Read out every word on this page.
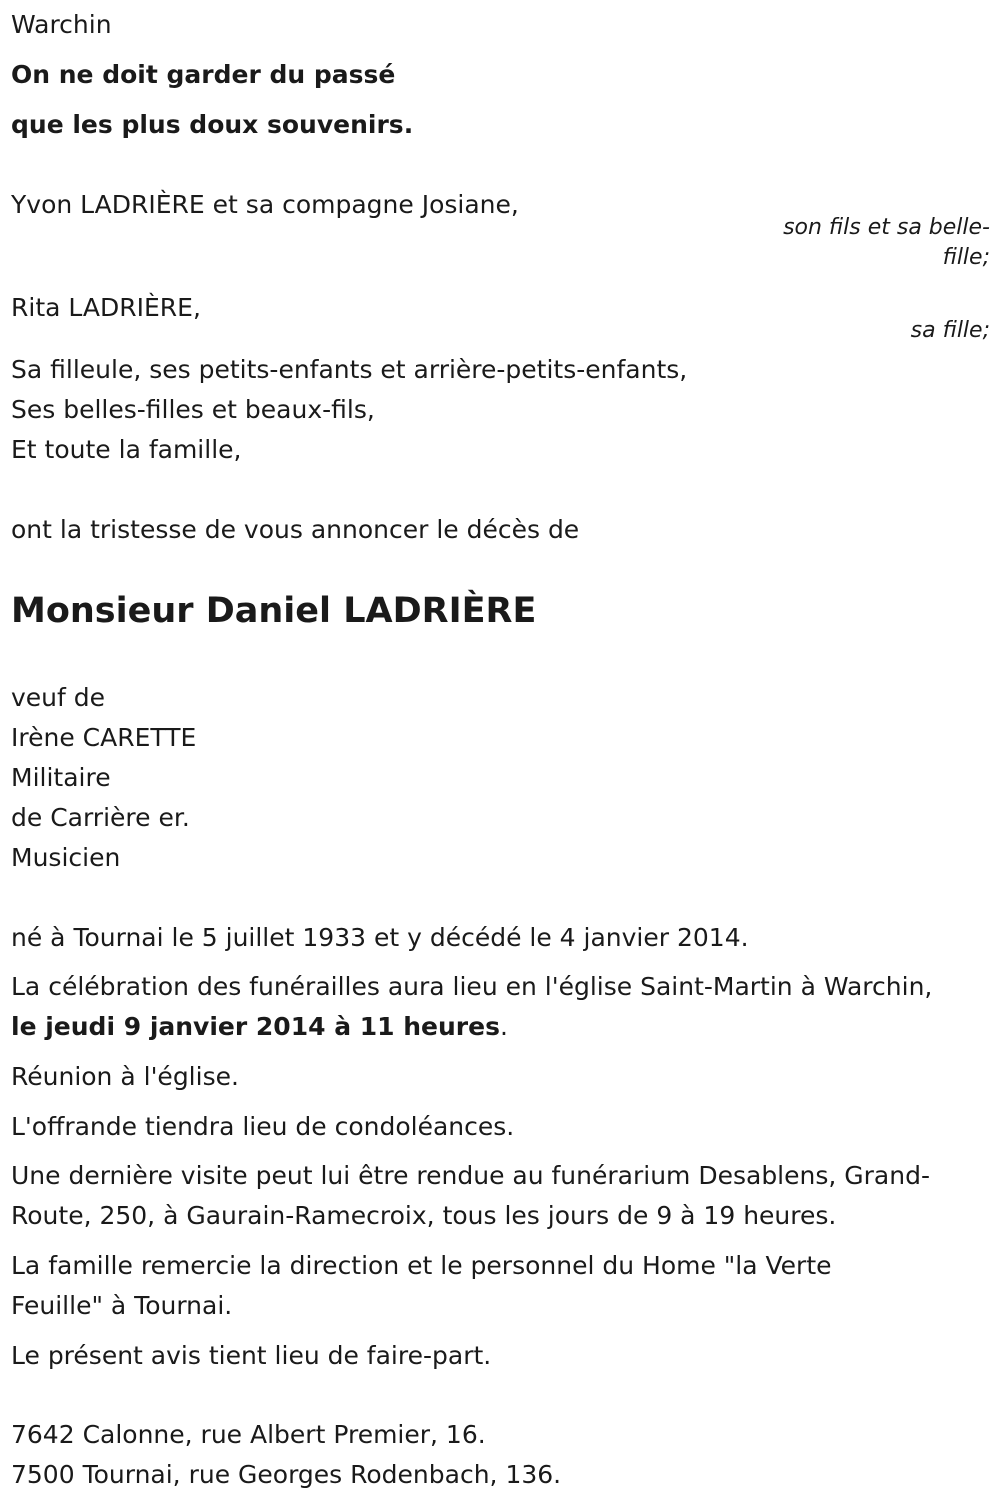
Warchin

On ne doit garder du passé

que les plus doux souvenirs.

Yvon LADRIÈRE et sa compagne Josiane,

son fils et sa belle-
fille;

Rita LADRIÈRE,

sa fille;

Sa filleule, ses petits-enfants et arrière-petits-enfants,

Ses belles-filles et beaux-fils,

Et toute la famille,

ont la tristesse de vous annoncer le décès de

Monsieur Daniel LADRIÈRE

veuf de

Irène CARETTE

Militaire

de Carrière er.

Musicien

né à Tournai le 5 juillet 1933 et y décédé le 4 janvier 2014.

La célébration des funérailles aura lieu en l'église Saint-Martin à Warchin,

le jeudi 9 janvier 2014 à 11 heures.

Réunion à l'église.

L'offrande tiendra lieu de condoléances.

Une dernière visite peut lui être rendue au funérarium Desablens, Grand-

Route, 250, à Gaurain-Ramecroix, tous les jours de 9 à 19 heures.

La famille remercie la direction et le personnel du Home "la Verte

Feuille" à Tournai.

Le présent avis tient lieu de faire-part.

7642 Calonne, rue Albert Premier, 16.

7500 Tournai, rue Georges Rodenbach, 136.
